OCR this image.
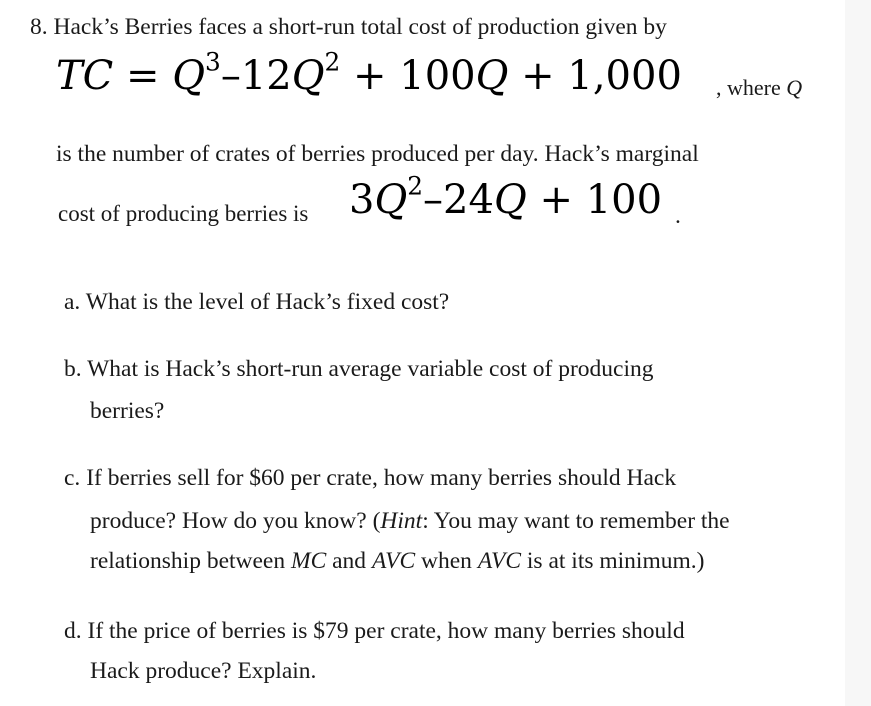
8. Hack’s Berries faces a short-run total cost of production given by
TC = $Q^3-12Q^2 + 100Q + 1,000$ , where Q
is the number of crates of berries produced per day. Hack’s marginal
cost of producing berries is $3Q^2-24Q + 100$ .
a. What is the level of Hack’s fixed cost?
b. What is Hack’s short-run average variable cost of producing
berries?
c. If berries sell for $60 per crate, how many berries should Hack
produce? How do you know? (Hint: You may want to remember the
relationship between MC and AVC when AVC is at its minimum.)
d. If the price of berries is $79 per crate, how many berries should
Hack produce? Explain.
